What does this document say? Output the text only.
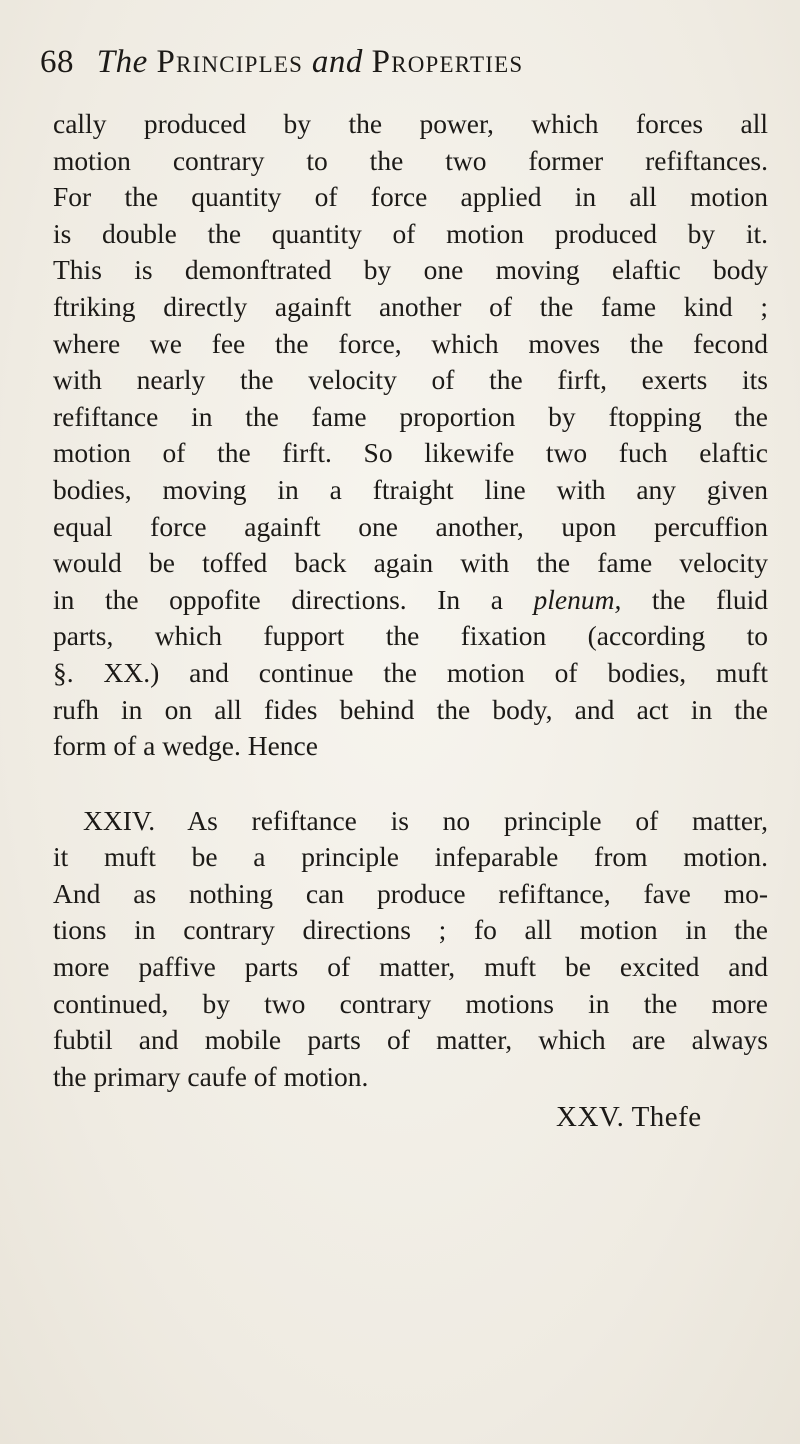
68 The Principles and Properties
cally produced by the power, which forces all
motion contrary to the two former refiftances.
For the quantity of force applied in all motion
is double the quantity of motion produced by it.
This is demonftrated by one moving elaftic body
ftriking directly againft another of the fame kind ;
where we fee the force, which moves the fecond
with nearly the velocity of the firft, exerts its
refiftance in the fame proportion by ftopping the
motion of the firft. So likewife two fuch elaftic
bodies, moving in a ftraight line with any given
equal force againft one another, upon percuffion
would be toffed back again with the fame velocity
in the oppofite directions. In a plenum, the fluid
parts, which fupport the fixation (according to
§. XX.) and continue the motion of bodies, muft
rufh in on all fides behind the body, and act in the
form of a wedge. Hence
XXIV. As refiftance is no principle of matter,
it muft be a principle infeparable from motion.
And as nothing can produce refiftance, fave mo-
tions in contrary directions ; fo all motion in the
more paffive parts of matter, muft be excited and
continued, by two contrary motions in the more
fubtil and mobile parts of matter, which are always
the primary caufe of motion.
XXV. Thefe
